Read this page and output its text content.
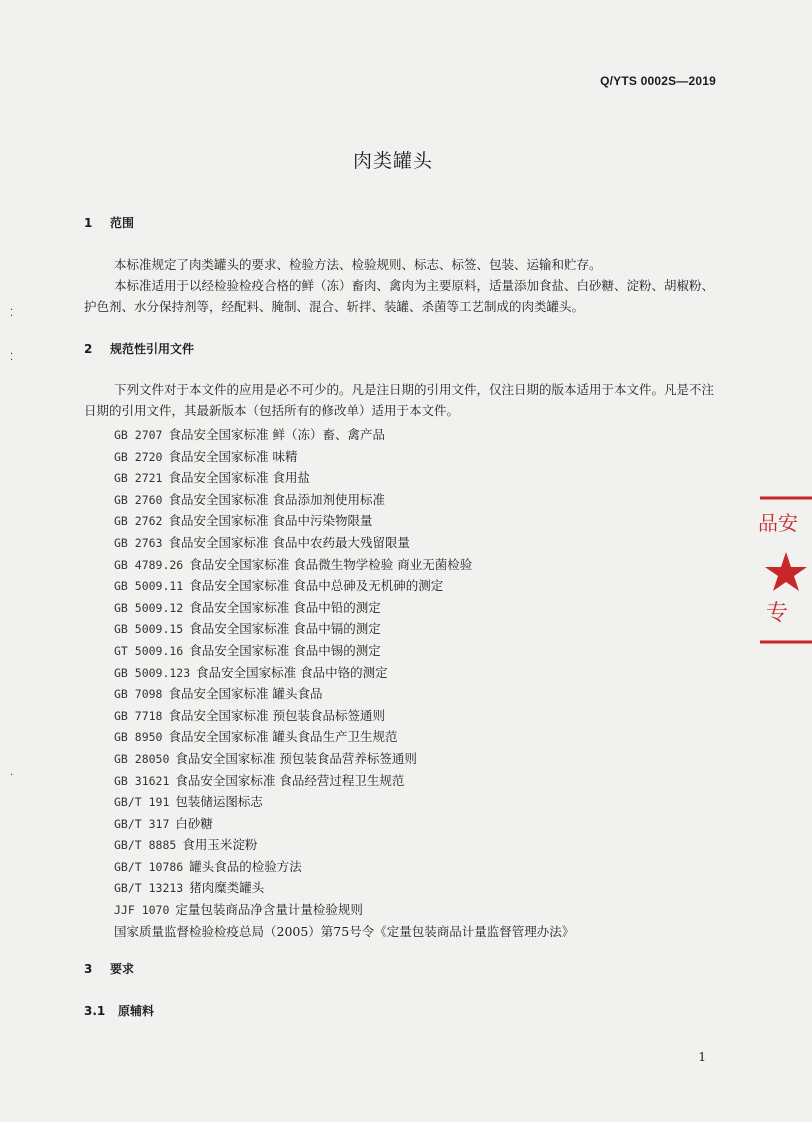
Q/YTS 0002S—2019
肉类罐头
1 范围
本标准规定了肉类罐头的要求、检验方法、检验规则、标志、标签、包装、运输和贮存。
本标准适用于以经检验检疫合格的鲜（冻）畜肉、禽肉为主要原料，适量添加食盐、白砂糖、淀粉、胡椒粉、护色剂、水分保持剂等，经配料、腌制、混合、斩拌、装罐、杀菌等工艺制成的肉类罐头。
2 规范性引用文件
下列文件对于本文件的应用是必不可少的。凡是注日期的引用文件，仅注日期的版本适用于本文件。凡是不注日期的引用文件，其最新版本（包括所有的修改单）适用于本文件。
GB 2707 食品安全国家标准 鲜（冻）畜、禽产品
GB 2720 食品安全国家标准 味精
GB 2721 食品安全国家标准 食用盐
GB 2760 食品安全国家标准 食品添加剂使用标准
GB 2762 食品安全国家标准 食品中污染物限量
GB 2763 食品安全国家标准 食品中农药最大残留限量
GB 4789.26 食品安全国家标准 食品微生物学检验 商业无菌检验
GB 5009.11 食品安全国家标准 食品中总砷及无机砷的测定
GB 5009.12 食品安全国家标准 食品中铅的测定
GB 5009.15 食品安全国家标准 食品中镉的测定
GT 5009.16 食品安全国家标准 食品中锡的测定
GB 5009.123 食品安全国家标准 食品中铬的测定
GB 7098 食品安全国家标准 罐头食品
GB 7718 食品安全国家标准 预包装食品标签通则
GB 8950 食品安全国家标准 罐头食品生产卫生规范
GB 28050 食品安全国家标准 预包装食品营养标签通则
GB 31621 食品安全国家标准 食品经营过程卫生规范
GB/T 191 包装储运图标志
GB/T 317 白砂糖
GB/T 8885 食用玉米淀粉
GB/T 10786 罐头食品的检验方法
GB/T 13213 猪肉糜类罐头
JJF 1070 定量包装商品净含量计量检验规则
国家质量监督检验检疫总局（2005）第75号令《定量包装商品计量监督管理办法》
3 要求
3.1 原辅料
1
品安
专
⁚
⁚
·
